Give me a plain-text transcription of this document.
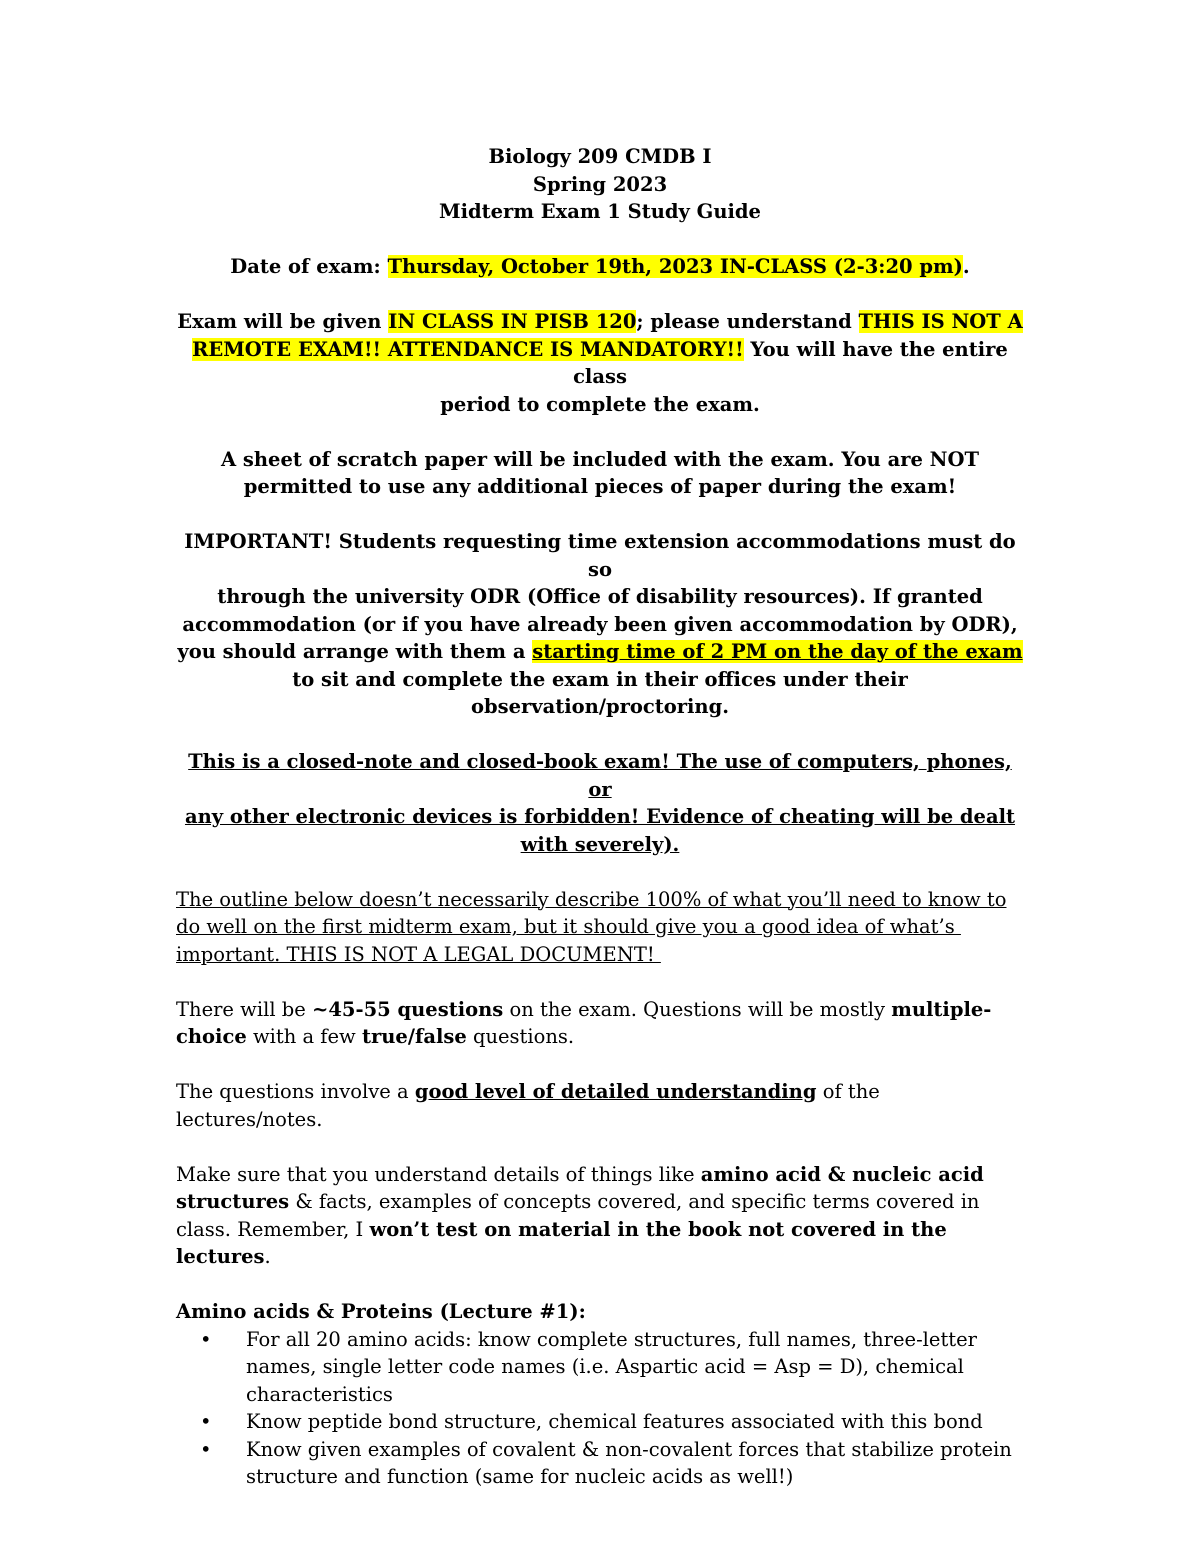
Biology 209 CMDB I

Spring 2023

Midterm Exam 1 Study Guide

Date of exam: Thursday, October 19th, 2023 IN-CLASS (2-3:20 pm).

Exam will be given IN CLASS IN PISB 120; please understand THIS IS NOT A

REMOTE EXAM!! ATTENDANCE IS MANDATORY!! You will have the entire class

period to complete the exam.

A sheet of scratch paper will be included with the exam. You are NOT

permitted to use any additional pieces of paper during the exam!

IMPORTANT! Students requesting time extension accommodations must do so

through the university ODR (Office of disability resources). If granted

accommodation (or if you have already been given accommodation by ODR),

you should arrange with them a starting time of 2 PM on the day of the exam

to sit and complete the exam in their offices under their

observation/proctoring.

This is a closed-note and closed-book exam! The use of computers, phones, or

any other electronic devices is forbidden! Evidence of cheating will be dealt

with severely).

The outline below doesn’t necessarily describe 100% of what you’ll need to know to

do well on the first midterm exam, but it should give you a good idea of what’s

important. THIS IS NOT A LEGAL DOCUMENT!

There will be ~45-55 questions on the exam. Questions will be mostly multiple-

choice with a few true/false questions.

The questions involve a good level of detailed understanding of the

lectures/notes.

Make sure that you understand details of things like amino acid & nucleic acid

structures & facts, examples of concepts covered, and specific terms covered in

class. Remember, I won’t test on material in the book not covered in the

lectures.

Amino acids & Proteins (Lecture #1):

• For all 20 amino acids: know complete structures, full names, three-letter

names, single letter code names (i.e. Aspartic acid = Asp = D), chemical

characteristics

• Know peptide bond structure, chemical features associated with this bond

• Know given examples of covalent & non-covalent forces that stabilize protein

structure and function (same for nucleic acids as well!)
